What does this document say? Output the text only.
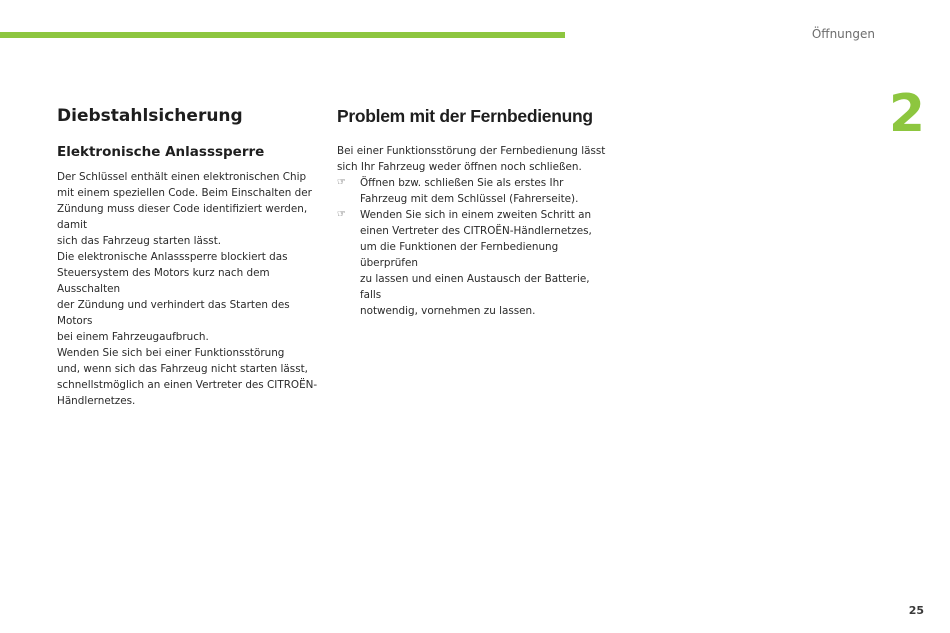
Öffnungen
2
Diebstahlsicherung
Elektronische Anlasssperre

Der Schlüssel enthält einen elektronischen Chip
mit einem speziellen Code. Beim Einschalten der
Zündung muss dieser Code identifiziert werden, damit
sich das Fahrzeug starten lässt.
Die elektronische Anlasssperre blockiert das
Steuersystem des Motors kurz nach dem Ausschalten
der Zündung und verhindert das Starten des Motors
bei einem Fahrzeugaufbruch.
Wenden Sie sich bei einer Funktionsstörung
und, wenn sich das Fahrzeug nicht starten lässt,
schnellstmöglich an einen Vertreter des CITROËN-
Händlernetzes.

Problem mit der Fernbedienung

Bei einer Funktionsstörung der Fernbedienung lässt
sich Ihr Fahrzeug weder öffnen noch schließen.

☞ Öffnen bzw. schließen Sie als erstes Ihr
Fahrzeug mit dem Schlüssel (Fahrerseite).
☞ Wenden Sie sich in einem zweiten Schritt an
einen Vertreter des CITROËN-Händlernetzes,
um die Funktionen der Fernbedienung überprüfen
zu lassen und einen Austausch der Batterie, falls
notwendig, vornehmen zu lassen.
25
